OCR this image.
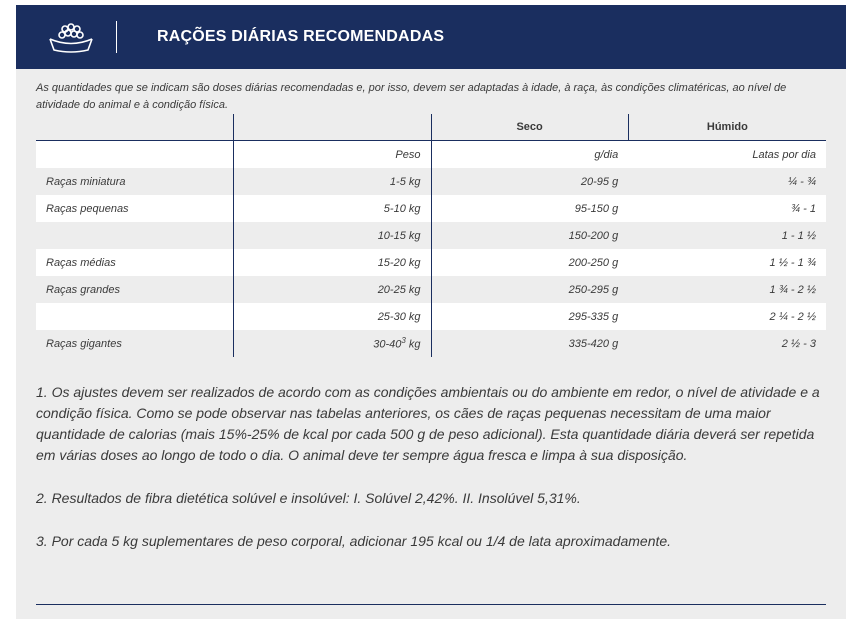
RAÇÕES DIÁRIAS RECOMENDADAS
As quantidades que se indicam são doses diárias recomendadas e, por isso, devem ser adaptadas à idade, à raça, às condições climatéricas, ao nível de atividade do animal e à condição física.
		Seco	Húmido
	Peso	g/dia	Latas por dia
Raças miniatura	1-5 kg	20-95 g	¼ - ¾
Raças pequenas	5-10 kg	95-150 g	¾ - 1
	10-15 kg	150-200 g	1 - 1 ½
Raças médias	15-20 kg	200-250 g	1 ½ - 1 ¾
Raças grandes	20-25 kg	250-295 g	1 ¾ - 2 ½
	25-30 kg	295-335 g	2 ¼ - 2 ½
Raças gigantes	$30-40^3$ kg	335-420 g	2 ½ - 3

1. Os ajustes devem ser realizados de acordo com as condições ambientais ou do ambiente em redor, o nível de atividade e a condição física. Como se pode observar nas tabelas anteriores, os cães de raças pequenas necessitam de uma maior quantidade de calorias (mais 15%-25% de kcal por cada 500 g de peso adicional). Esta quantidade diária deverá ser repetida em várias doses ao longo de todo o dia. O animal deve ter sempre água fresca e limpa à sua disposição.

2. Resultados de fibra dietética solúvel e insolúvel: I. Solúvel 2,42%. II. Insolúvel 5,31%.

3. Por cada 5 kg suplementares de peso corporal, adicionar 195 kcal ou 1/4 de lata aproximadamente.
